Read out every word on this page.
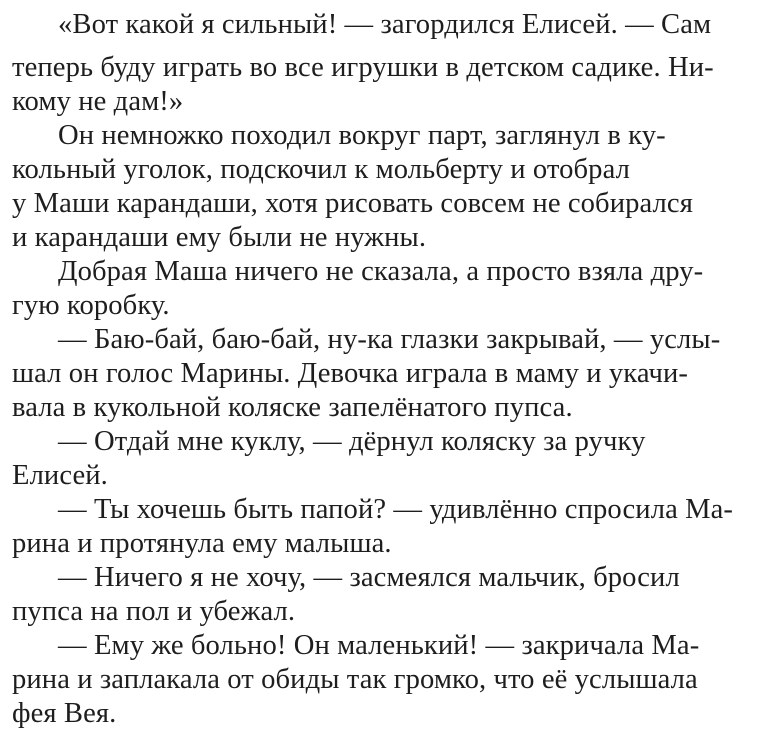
«Вот какой я сильный! — загордился Елисей. — Сам
теперь буду играть во все игрушки в детском садике. Ни-
кому не дам!»
Он немножко походил вокруг парт, заглянул в ку-
кольный уголок, подскочил к мольберту и отобрал
у Маши карандаши, хотя рисовать совсем не собирался
и карандаши ему были не нужны.
Добрая Маша ничего не сказала, а просто взяла дру-
гую коробку.
— Баю-бай, баю-бай, ну-ка глазки закрывай, — услы-
шал он голос Марины. Девочка играла в маму и укачи-
вала в кукольной коляске запелёнатого пупса.
— Отдай мне куклу, — дёрнул коляску за ручку
Елисей.
— Ты хочешь быть папой? — удивлённо спросила Ма-
рина и протянула ему малыша.
— Ничего я не хочу, — засмеялся мальчик, бросил
пупса на пол и убежал.
— Ему же больно! Он маленький! — закричала Ма-
рина и заплакала от обиды так громко, что её услышала
фея Вея.
